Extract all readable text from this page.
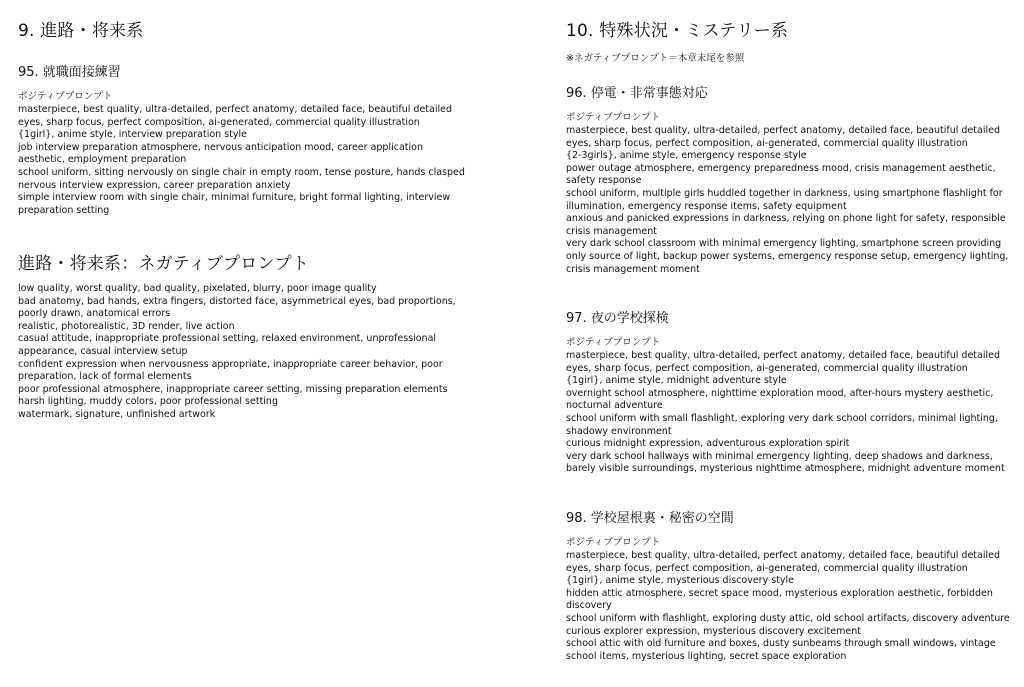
9. 進路・将来系
95. 就職面接練習
ポジティブプロンプト
masterpiece, best quality, ultra-detailed, perfect anatomy, detailed face, beautiful detailed eyes, sharp focus, perfect composition, ai-generated, commercial quality illustration
{1girl}, anime style, interview preparation style
job interview preparation atmosphere, nervous anticipation mood, career application aesthetic, employment preparation
school uniform, sitting nervously on single chair in empty room, tense posture, hands clasped nervous interview expression, career preparation anxiety
simple interview room with single chair, minimal furniture, bright formal lighting, interview preparation setting
進路・将来系：ネガティブプロンプト
low quality, worst quality, bad quality, pixelated, blurry, poor image quality
bad anatomy, bad hands, extra fingers, distorted face, asymmetrical eyes, bad proportions, poorly drawn, anatomical errors
realistic, photorealistic, 3D render, live action
casual attitude, inappropriate professional setting, relaxed environment, unprofessional appearance, casual interview setup
confident expression when nervousness appropriate, inappropriate career behavior, poor preparation, lack of formal elements
poor professional atmosphere, inappropriate career setting, missing preparation elements
harsh lighting, muddy colors, poor professional setting
watermark, signature, unfinished artwork
10. 特殊状況・ミステリー系
※ネガティブプロンプト＝本章末尾を参照
96. 停電・非常事態対応
ポジティブプロンプト
masterpiece, best quality, ultra-detailed, perfect anatomy, detailed face, beautiful detailed eyes, sharp focus, perfect composition, ai-generated, commercial quality illustration
{2-3girls}, anime style, emergency response style
power outage atmosphere, emergency preparedness mood, crisis management aesthetic, safety response
school uniform, multiple girls huddled together in darkness, using smartphone flashlight for illumination, emergency response items, safety equipment
anxious and panicked expressions in darkness, relying on phone light for safety, responsible crisis management
very dark school classroom with minimal emergency lighting, smartphone screen providing only source of light, backup power systems, emergency response setup, emergency lighting, crisis management moment
97. 夜の学校探検
ポジティブプロンプト
masterpiece, best quality, ultra-detailed, perfect anatomy, detailed face, beautiful detailed eyes, sharp focus, perfect composition, ai-generated, commercial quality illustration
{1girl}, anime style, midnight adventure style
overnight school atmosphere, nighttime exploration mood, after-hours mystery aesthetic, nocturnal adventure
school uniform with small flashlight, exploring very dark school corridors, minimal lighting, shadowy environment
curious midnight expression, adventurous exploration spirit
very dark school hallways with minimal emergency lighting, deep shadows and darkness, barely visible surroundings, mysterious nighttime atmosphere, midnight adventure moment
98. 学校屋根裏・秘密の空間
ポジティブプロンプト
masterpiece, best quality, ultra-detailed, perfect anatomy, detailed face, beautiful detailed eyes, sharp focus, perfect composition, ai-generated, commercial quality illustration
{1girl}, anime style, mysterious discovery style
hidden attic atmosphere, secret space mood, mysterious exploration aesthetic, forbidden discovery
school uniform with flashlight, exploring dusty attic, old school artifacts, discovery adventure
curious explorer expression, mysterious discovery excitement
school attic with old furniture and boxes, dusty sunbeams through small windows, vintage school items, mysterious lighting, secret space exploration
